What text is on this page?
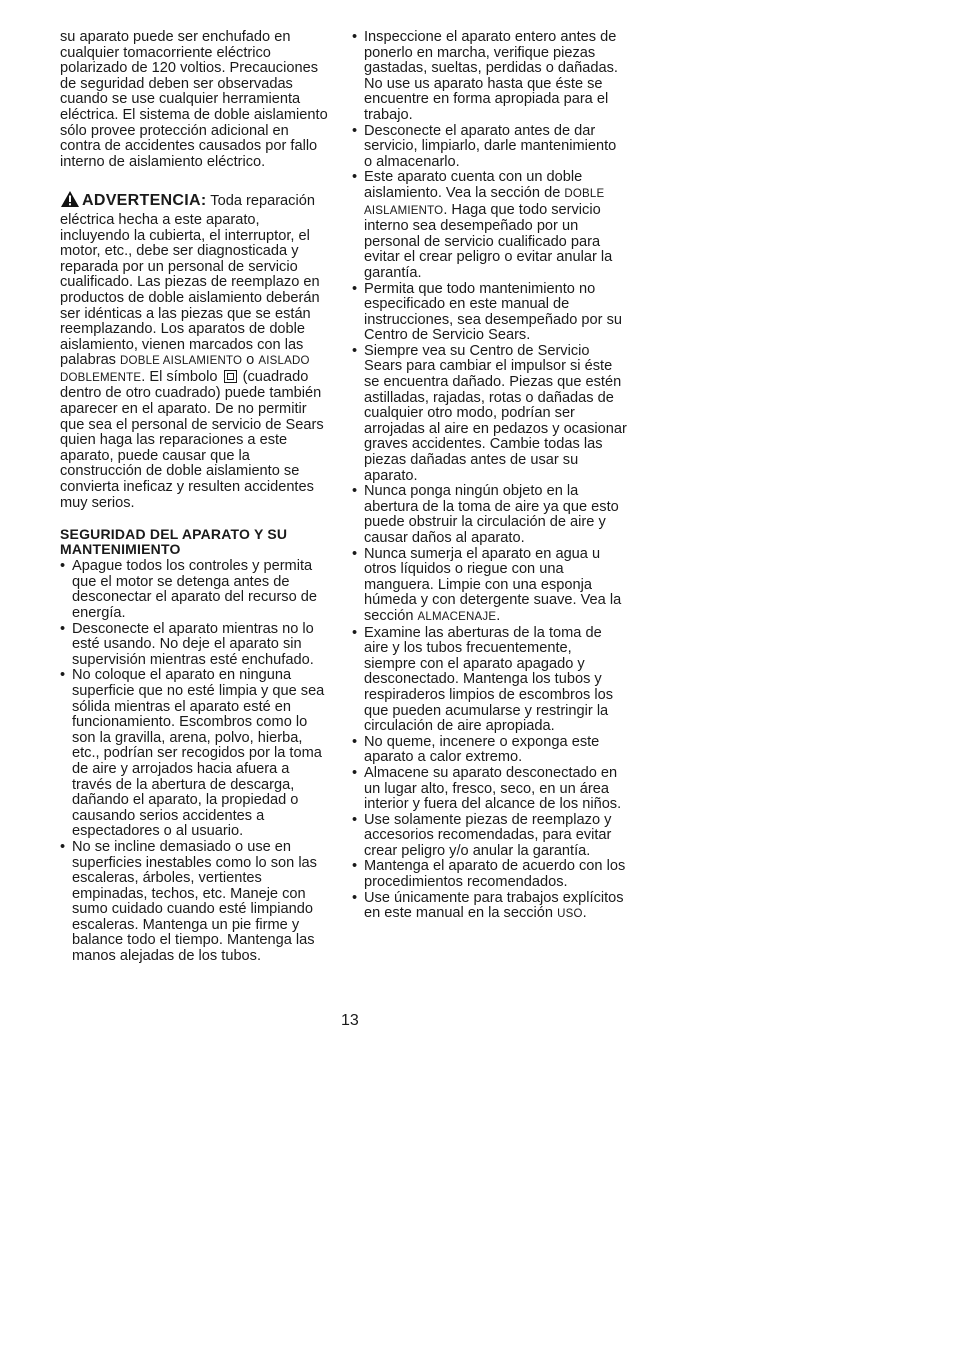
su aparato puede ser enchufado en cualquier tomacorriente eléctrico polarizado de 120 voltios. Precauciones de seguridad deben ser observadas cuando se use cualquier herramienta eléctrica. El sistema de doble aislamiento sólo provee protección adicional en contra de accidentes causados por fallo interno de aislamiento eléctrico.

ADVERTENCIA: Toda reparación eléctrica hecha a este aparato, incluyendo la cubierta, el interruptor, el motor, etc., debe ser diagnosticada y reparada por un personal de servicio cualificado. Las piezas de reemplazo en productos de doble aislamiento deberán ser idénticas a las piezas que se están reemplazando. Los aparatos de doble aislamiento, vienen marcados con las palabras DOBLE AISLAMIENTO o AISLADO DOBLEMENTE. El símbolo  (cuadrado dentro de otro cuadrado) puede también aparecer en el aparato. De no permitir que sea el personal de servicio de Sears quien haga las reparaciones a este aparato, puede causar que la construcción de doble aislamiento se convierta ineficaz y resulten accidentes muy serios.

SEGURIDAD DEL APARATO Y SU MANTENIMIENTO
• Apague todos los controles y permita que el motor se detenga antes de desconectar el aparato del recurso de energía.
• Desconecte el aparato mientras no lo esté usando. No deje el aparato sin supervisión mientras esté enchufado.
• No coloque el aparato en ninguna superficie que no esté limpia y que sea sólida mientras el aparato esté en funcionamiento. Escombros como lo son la gravilla, arena, polvo, hierba, etc., podrían ser recogidos por la toma de aire y arrojados hacia afuera a través de la abertura de descarga, dañando el aparato, la propiedad o causando serios accidentes a espectadores o al usuario.
• No se incline demasiado o use en superficies inestables como lo son las escaleras, árboles, vertientes empinadas, techos, etc. Maneje con sumo cuidado cuando esté limpiando escaleras. Mantenga un pie firme y balance todo el tiempo. Mantenga las manos alejadas de los tubos.
• Inspeccione el aparato entero antes de ponerlo en marcha, verifique piezas gastadas, sueltas, perdidas o dañadas. No use us aparato hasta que éste se encuentre en forma apropiada para el trabajo.
• Desconecte el aparato antes de dar servicio, limpiarlo, darle mantenimiento o almacenarlo.
• Este aparato cuenta con un doble aislamiento. Vea la sección de DOBLE AISLAMIENTO. Haga que todo servicio interno sea desempeñado por un personal de servicio cualificado para evitar el crear peligro o evitar anular la garantía.
• Permita que todo mantenimiento no especificado en este manual de instrucciones, sea desempeñado por su Centro de Servicio Sears.
• Siempre vea su Centro de Servicio Sears para cambiar el impulsor si éste se encuentra dañado. Piezas que estén astilladas, rajadas, rotas o dañadas de cualquier otro modo, podrían ser arrojadas al aire en pedazos y ocasionar graves accidentes. Cambie todas las piezas dañadas antes de usar su aparato.
• Nunca ponga ningún objeto en la abertura de la toma de aire ya que esto puede obstruir la circulación de aire y causar daños al aparato.
• Nunca sumerja el aparato en agua u otros líquidos o riegue con una manguera. Limpie con una esponja húmeda y con detergente suave. Vea la sección ALMACENAJE.
• Examine las aberturas de la toma de aire y los tubos frecuentemente, siempre con el aparato apagado y desconectado. Mantenga los tubos y respiraderos limpios de escombros los que pueden acumularse y restringir la circulación de aire apropiada.
• No queme, incenere o exponga este aparato a calor extremo.
• Almacene su aparato desconectado en un lugar alto, fresco, seco, en un área interior y fuera del alcance de los niños.
• Use solamente piezas de reemplazo y accesorios recomendadas, para evitar crear peligro y/o anular la garantía.
• Mantenga el aparato de acuerdo con los procedimientos recomendados.
• Use únicamente para trabajos explícitos en este manual en la sección USO.
13
